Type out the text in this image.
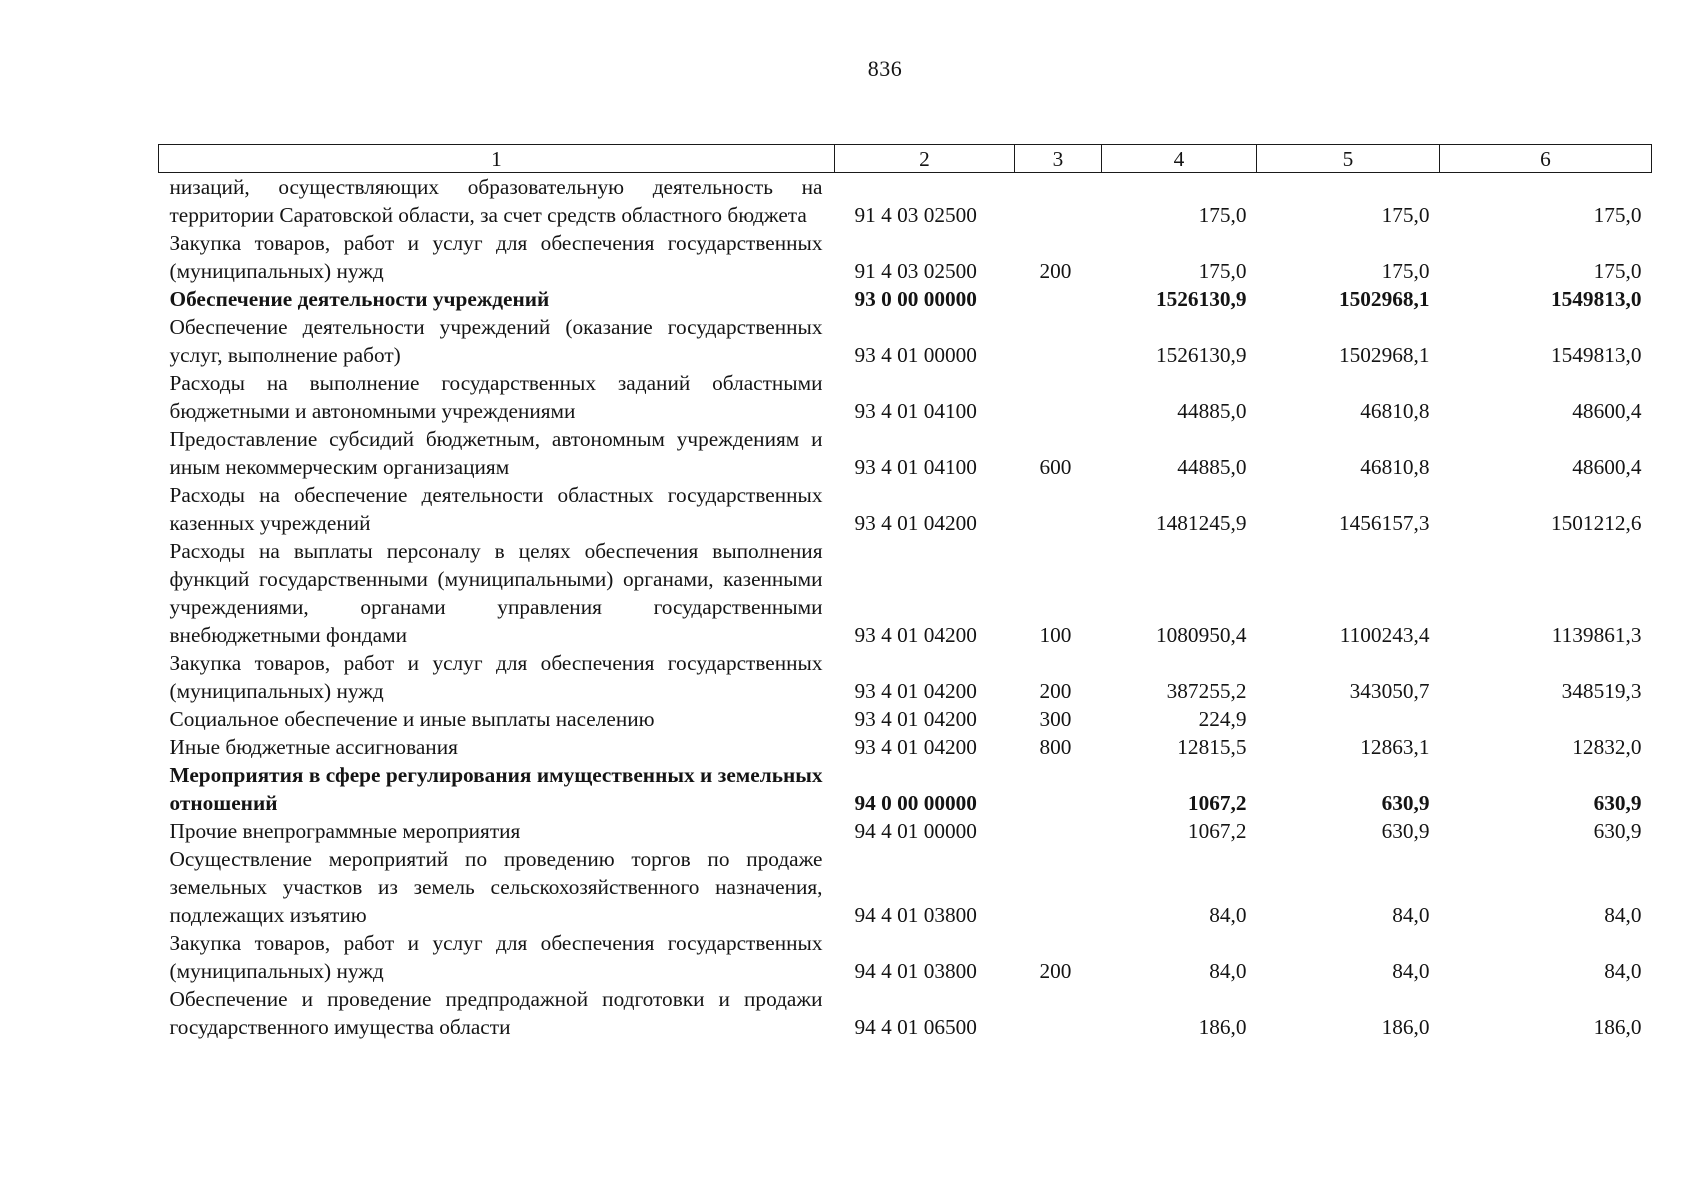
836
1	2	3	4	5	6
низаций, осуществляющих образовательную деятельность на территории Саратовской области, за счет средств областного бюджета	91 4 03 02500		175,0	175,0	175,0
Закупка товаров, работ и услуг для обеспечения государственных (муниципальных) нужд	91 4 03 02500	200	175,0	175,0	175,0
Обеспечение деятельности учреждений	93 0 00 00000		1526130,9	1502968,1	1549813,0
Обеспечение деятельности учреждений (оказание государственных услуг, выполнение работ)	93 4 01 00000		1526130,9	1502968,1	1549813,0
Расходы на выполнение государственных заданий областными бюджетными и автономными учреждениями	93 4 01 04100		44885,0	46810,8	48600,4
Предоставление субсидий бюджетным, автономным учреждениям и иным некоммерческим организациям	93 4 01 04100	600	44885,0	46810,8	48600,4
Расходы на обеспечение деятельности областных государственных казенных учреждений	93 4 01 04200		1481245,9	1456157,3	1501212,6
Расходы на выплаты персоналу в целях обеспечения выполнения функций государственными (муниципальными) органами, казенными учреждениями, органами управления государственными внебюджетными фондами	93 4 01 04200	100	1080950,4	1100243,4	1139861,3
Закупка товаров, работ и услуг для обеспечения государственных (муниципальных) нужд	93 4 01 04200	200	387255,2	343050,7	348519,3
Социальное обеспечение и иные выплаты населению	93 4 01 04200	300	224,9		
Иные бюджетные ассигнования	93 4 01 04200	800	12815,5	12863,1	12832,0
Мероприятия в сфере регулирования имущественных и земельных отношений	94 0 00 00000		1067,2	630,9	630,9
Прочие внепрограммные мероприятия	94 4 01 00000		1067,2	630,9	630,9
Осуществление мероприятий по проведению торгов по продаже земельных участков из земель сельскохозяйственного назначения, подлежащих изъятию	94 4 01 03800		84,0	84,0	84,0
Закупка товаров, работ и услуг для обеспечения государственных (муниципальных) нужд	94 4 01 03800	200	84,0	84,0	84,0
Обеспечение и проведение предпродажной подготовки и продажи государственного имущества области	94 4 01 06500		186,0	186,0	186,0
